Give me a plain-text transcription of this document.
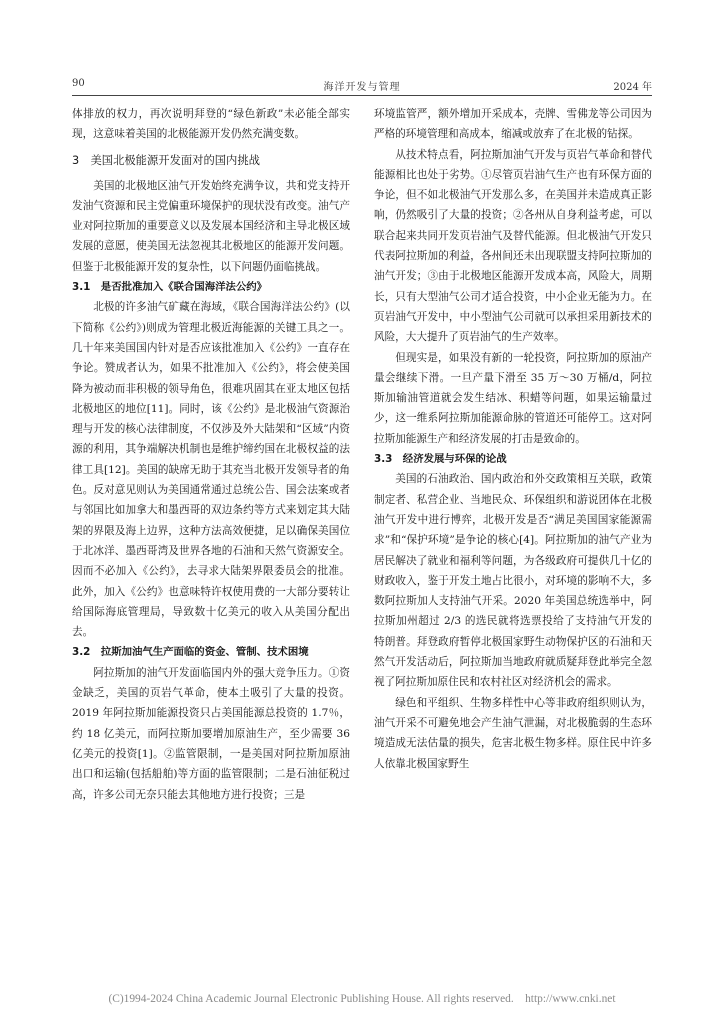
90	海洋开发与管理	2024 年

体排放的权力，再次说明拜登的“绿色新政”未必能全部实现，这意味着美国的北极能源开发仍然充满变数。

3　美国北极能源开发面对的国内挑战

美国的北极地区油气开发始终充满争议，共和党支持开发油气资源和民主党偏重环境保护的现状没有改变。油气产业对阿拉斯加的重要意义以及发展本国经济和主导北极区域发展的意愿，使美国无法忽视其北极地区的能源开发问题。但鉴于北极能源开发的复杂性，以下问题仍面临挑战。

3.1　是否批准加入《联合国海洋法公约》

北极的许多油气矿藏在海域，《联合国海洋法公约》(以下简称《公约》)则成为管理北极近海能源的关键工具之一。几十年来美国国内针对是否应该批准加入《公约》一直存在争论。赞成者认为，如果不批准加入《公约》，将会使美国降为被动而非积极的领导角色，很难巩固其在亚太地区包括北极地区的地位[11]。同时，该《公约》是北极油气资源治理与开发的核心法律制度，不仅涉及外大陆架和“区域”内资源的利用，其争端解决机制也是维护缔约国在北极权益的法律工具[12]。美国的缺席无助于其充当北极开发领导者的角色。反对意见则认为美国通常通过总统公告、国会法案或者与邻国比如加拿大和墨西哥的双边条约等方式来划定其大陆架的界限及海上边界，这种方法高效便捷，足以确保美国位于北冰洋、墨西哥湾及世界各地的石油和天然气资源安全。因而不必加入《公约》，去寻求大陆架界限委员会的批准。此外，加入《公约》也意味特许权使用费的一大部分要转让给国际海底管理局，导致数十亿美元的收入从美国分配出去。

3.2　拉斯加油气生产面临的资金、管制、技术困境

阿拉斯加的油气开发面临国内外的强大竞争压力。①资金缺乏，美国的页岩气革命，使本土吸引了大量的投资。2019 年阿拉斯加能源投资只占美国能源总投资的 1.7％，约 18 亿美元，而阿拉斯加要增加原油生产，至少需要 36 亿美元的投资[1]。②监管限制，一是美国对阿拉斯加原油出口和运输(包括船舶)等方面的监管限制；二是石油征税过高，许多公司无奈只能去其他地方进行投资；三是

环境监管严，额外增加开采成本，壳牌、雪佛龙等公司因为严格的环境管理和高成本，缩减或放弃了在北极的钻探。

从技术特点看，阿拉斯加油气开发与页岩气革命和替代能源相比也处于劣势。①尽管页岩油气生产也有环保方面的争论，但不如北极油气开发那么多，在美国并未造成真正影响，仍然吸引了大量的投资；②各州从自身利益考虑，可以联合起来共同开发页岩油气及替代能源。但北极油气开发只代表阿拉斯加的利益，各州间还未出现联盟支持阿拉斯加的油气开发；③由于北极地区能源开发成本高，风险大，周期长，只有大型油气公司才适合投资，中小企业无能为力。在页岩油气开发中，中小型油气公司就可以承担采用新技术的风险，大大提升了页岩油气的生产效率。

但现实是，如果没有新的一轮投资，阿拉斯加的原油产量会继续下滑。一旦产量下滑至 35 万～30 万桶/d，阿拉斯加输油管道就会发生结冰、积蜡等问题，如果运输量过少，这一维系阿拉斯加能源命脉的管道还可能停工。这对阿拉斯加能源生产和经济发展的打击是致命的。

3.3　经济发展与环保的论战

美国的石油政治、国内政治和外交政策相互关联，政策制定者、私营企业、当地民众、环保组织和游说团体在北极油气开发中进行博弈，北极开发是否“满足美国国家能源需求”和“保护环境”是争论的核心[4]。阿拉斯加的油气产业为居民解决了就业和福利等问题，为各级政府可提供几十亿的财政收入，鉴于开发土地占比很小，对环境的影响不大，多数阿拉斯加人支持油气开采。2020 年美国总统选举中，阿拉斯加州超过 2/3 的选民就将选票投给了支持油气开发的特朗普。拜登政府暂停北极国家野生动物保护区的石油和天然气开发活动后，阿拉斯加当地政府就质疑拜登此举完全忽视了阿拉斯加原住民和农村社区对经济机会的需求。

绿色和平组织、生物多样性中心等非政府组织则认为，油气开采不可避免地会产生油气泄漏，对北极脆弱的生态环境造成无法估量的损失，危害北极生物多样。原住民中许多人依靠北极国家野生

(C)1994-2024 China Academic Journal Electronic Publishing House. All rights reserved.　http://www.cnki.net
